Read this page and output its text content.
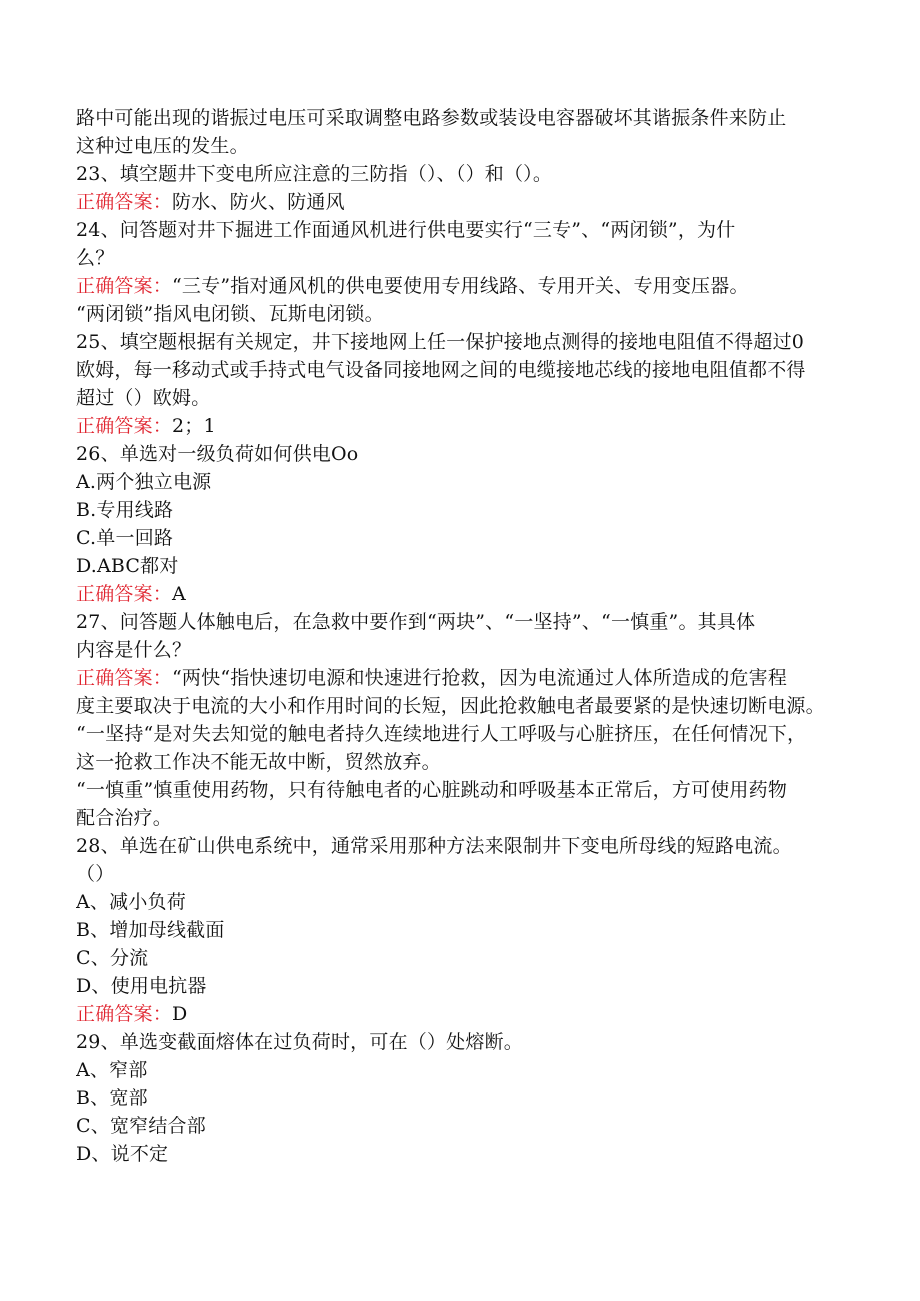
路中可能出现的谐振过电压可采取调整电路参数或装设电容器破坏其谐振条件来防止
这种过电压的发生。
23、填空题井下变电所应注意的三防指（）、（）和（）。
正确答案：防水、防火、防通风
24、问答题对井下掘进工作面通风机进行供电要实行“三专”、“两闭锁”，为什
么？
正确答案：“三专”指对通风机的供电要使用专用线路、专用开关、专用变压器。
“两闭锁”指风电闭锁、瓦斯电闭锁。
25、填空题根据有关规定，井下接地网上任一保护接地点测得的接地电阻值不得超过0
欧姆，每一移动式或手持式电气设备同接地网之间的电缆接地芯线的接地电阻值都不得
超过（）欧姆。
正确答案：2；1
26、单选对一级负荷如何供电Oo
A.两个独立电源
B.专用线路
C.单一回路
D.ABC都对
正确答案：A
27、问答题人体触电后，在急救中要作到“两块”、“一坚持”、“一慎重”。其具体
内容是什么？
正确答案：“两快“指快速切电源和快速进行抢救，因为电流通过人体所造成的危害程
度主要取决于电流的大小和作用时间的长短，因此抢救触电者最要紧的是快速切断电源。
“一坚持“是对失去知觉的触电者持久连续地进行人工呼吸与心脏挤压，在任何情况下，
这一抢救工作决不能无故中断，贸然放弃。
“一慎重”慎重使用药物，只有待触电者的心脏跳动和呼吸基本正常后，方可使用药物
配合治疗。
28、单选在矿山供电系统中，通常采用那种方法来限制井下变电所母线的短路电流。
（）
A、减小负荷
B、增加母线截面
C、分流
D、使用电抗器
正确答案：D
29、单选变截面熔体在过负荷时，可在（）处熔断。
A、窄部
B、宽部
C、宽窄结合部
D、说不定
